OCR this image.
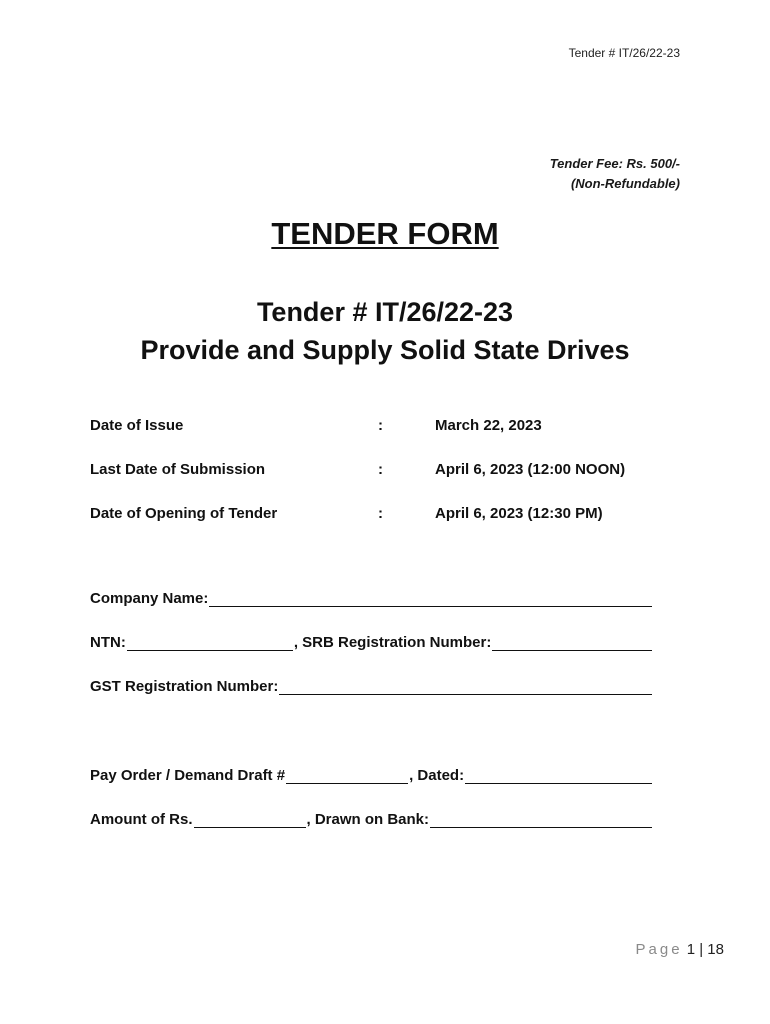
Tender # IT/26/22-23
Tender Fee: Rs. 500/-
(Non-Refundable)
TENDER FORM
Tender # IT/26/22-23
Provide and Supply Solid State Drives
Date of Issue	:	March 22, 2023
Last Date of Submission	:	April 6, 2023 (12:00 NOON)
Date of Opening of Tender	:	April 6, 2023 (12:30 PM)
Company Name:
NTN:	, SRB Registration Number:
GST Registration Number:
Pay Order / Demand Draft #	, Dated:
Amount of Rs.	, Drawn on Bank:
Page 1 | 18
